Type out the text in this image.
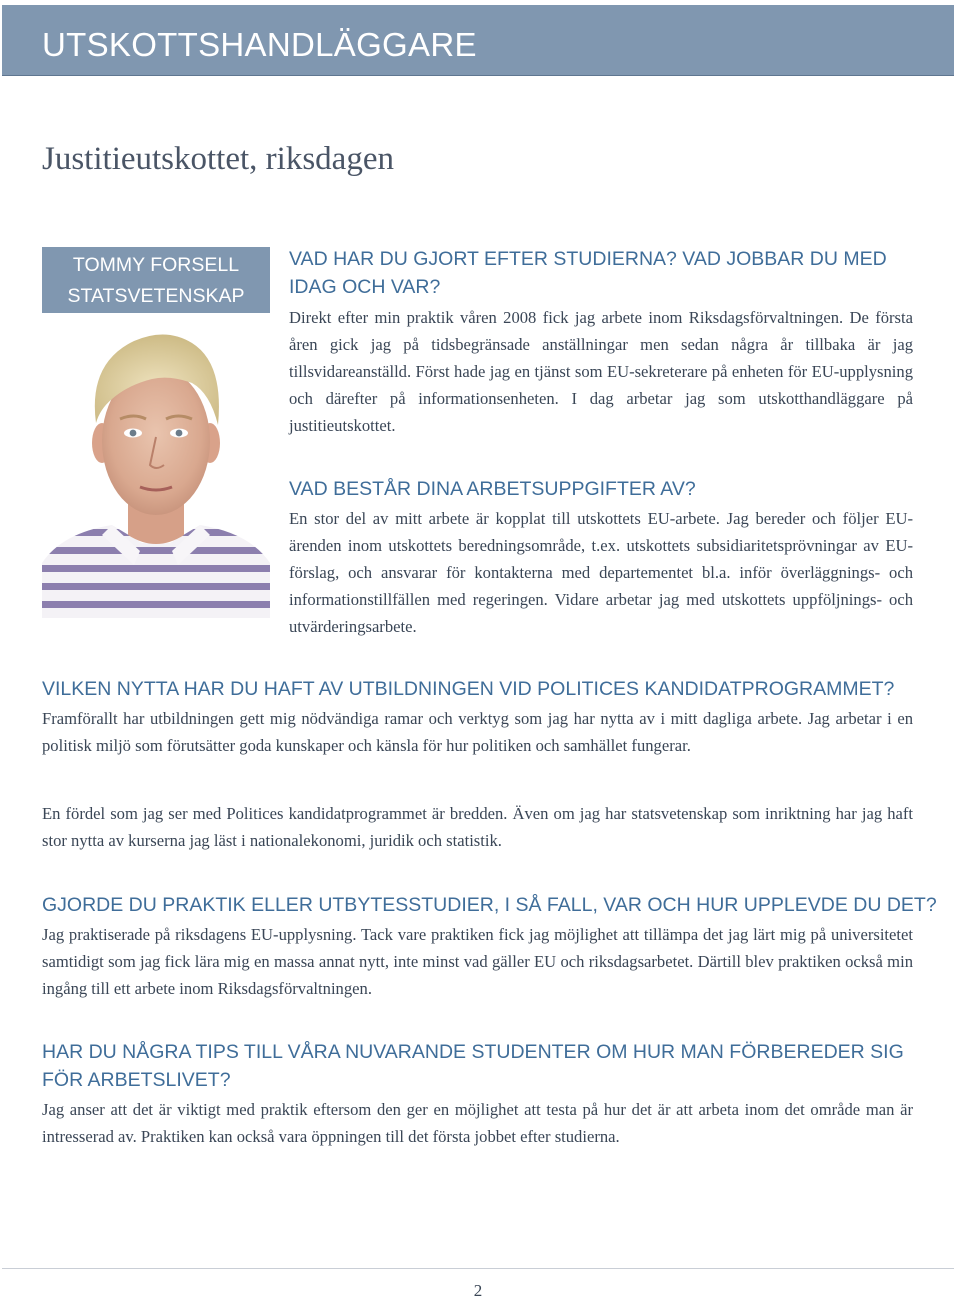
UTSKOTTSHANDLÄGGARE
Justitieutskottet, riksdagen
TOMMY FORSELL
STATSVETENSKAP
VAD HAR DU GJORT EFTER STUDIERNA? VAD JOBBAR DU MED IDAG OCH VAR?

Direkt efter min praktik våren 2008 fick jag arbete inom Riksdagsförvaltningen. De första åren gick jag på tidsbegränsade anställningar men sedan några år tillbaka är jag tillsvidareanställd. Först hade jag en tjänst som EU-sekreterare på enheten för EU-upplysning och därefter på informationsenheten. I dag arbetar jag som utskotthandläggare på justitieutskottet.

VAD BESTÅR DINA ARBETSUPPGIFTER AV?

En stor del av mitt arbete är kopplat till utskottets EU-arbete. Jag bereder och följer EU-ärenden inom utskottets beredningsområde, t.ex. utskottets subsidiaritetsprövningar av EU-förslag, och ansvarar för kontakterna med departementet bl.a. inför överläggnings- och informationstillfällen med regeringen. Vidare arbetar jag med utskottets uppföljnings- och utvärderingsarbete.

VILKEN NYTTA HAR DU HAFT AV UTBILDNINGEN VID POLITICES KANDIDATPROGRAMMET?

Framförallt har utbildningen gett mig nödvändiga ramar och verktyg som jag har nytta av i mitt dagliga arbete. Jag arbetar i en politisk miljö som förutsätter goda kunskaper och känsla för hur politiken och samhället fungerar.

En fördel som jag ser med Politices kandidatprogrammet är bredden. Även om jag har statsvetenskap som inriktning har jag haft stor nytta av kurserna jag läst i nationalekonomi, juridik och statistik.

GJORDE DU PRAKTIK ELLER UTBYTESSTUDIER, I SÅ FALL, VAR OCH HUR UPPLEVDE DU DET?

Jag praktiserade på riksdagens EU-upplysning. Tack vare praktiken fick jag möjlighet att tillämpa det jag lärt mig på universitetet samtidigt som jag fick lära mig en massa annat nytt, inte minst vad gäller EU och riksdagsarbetet. Därtill blev praktiken också min ingång till ett arbete inom Riksdagsförvaltningen.

HAR DU NÅGRA TIPS TILL VÅRA NUVARANDE STUDENTER OM HUR MAN FÖRBEREDER SIG FÖR ARBETSLIVET?

Jag anser att det är viktigt med praktik eftersom den ger en möjlighet att testa på hur det är att arbeta inom det område man är intresserad av. Praktiken kan också vara öppningen till det första jobbet efter studierna.

2
